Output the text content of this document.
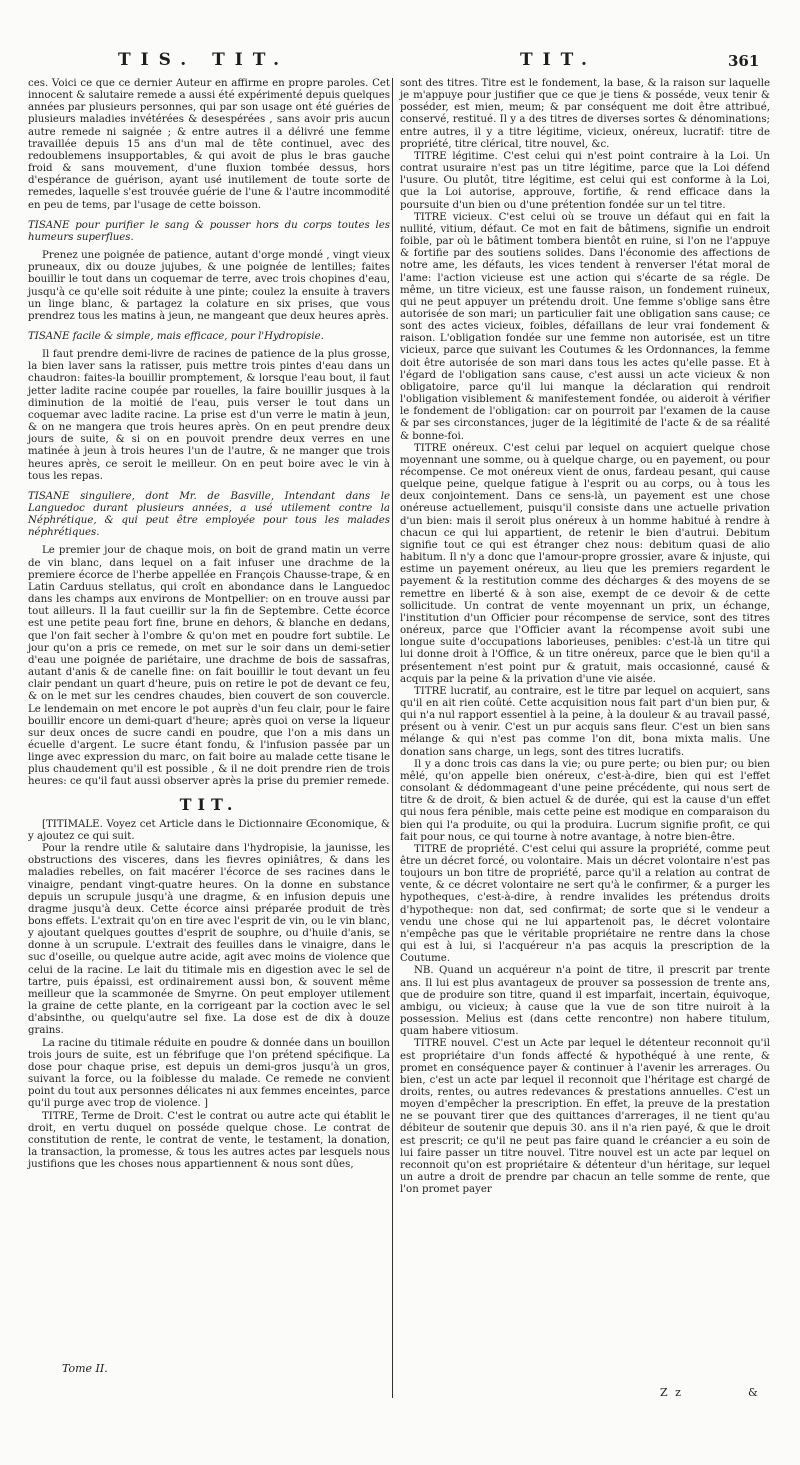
TIS. TIT.	TIT.	361

ces. Voici ce que ce dernier Auteur en affirme en propre paroles. Cet innocent & salutaire remede a aussi été expérimenté depuis quelques années par plusieurs personnes, qui par son usage ont été guéries de plusieurs maladies invétérées & desespérées , sans avoir pris aucun autre remede ni saignée ; & entre autres il a délivré une femme travaillée depuis 15 ans d'un mal de tête continuel, avec des redoublemens insupportables, & qui avoit de plus le bras gauche froid & sans mouvement, d'une fluxion tombée dessus, hors d'espérance de guérison, ayant usé inutilement de toute sorte de remedes, laquelle s'est trouvée guérie de l'une & l'autre incommodité en peu de tems, par l'usage de cette boisson.

TISANE pour purifier le sang & pousser hors du corps toutes les humeurs superflues.

Prenez une poignée de patience, autant d'orge mondé , vingt vieux pruneaux, dix ou douze jujubes, & une poignée de lentilles; faites bouillir le tout dans un coquemar de terre, avec trois chopines d'eau, jusqu'à ce qu'elle soit réduite à une pinte; coulez la ensuite à travers un linge blanc, & partagez la colature en six prises, que vous prendrez tous les matins à jeun, ne mangeant que deux heures après.

TISANE facile & simple, mais efficace, pour l'Hydropisie.

Il faut prendre demi-livre de racines de patience de la plus grosse, la bien laver sans la ratisser, puis mettre trois pintes d'eau dans un chaudron: faites-la bouillir promptement, & lorsque l'eau bout, il faut jetter ladite racine coupée par rouelles, la faire bouillir jusques à la diminution de la moitié de l'eau, puis verser le tout dans un coquemar avec ladite racine. La prise est d'un verre le matin à jeun, & on ne mangera que trois heures après. On en peut prendre deux jours de suite, & si on en pouvoit prendre deux verres en une matinée à jeun à trois heures l'un de l'autre, & ne manger que trois heures après, ce seroit le meilleur. On en peut boire avec le vin à tous les repas.

TISANE singuliere, dont Mr. de Basville, Intendant dans le Languedoc durant plusieurs années, a usé utilement contre la Néphrétique, & qui peut être employée pour tous les malades néphrétiques.

Le premier jour de chaque mois, on boit de grand matin un verre de vin blanc, dans lequel on a fait infuser une drachme de la premiere écorce de l'herbe appellée en François Chausse-trape, & en Latin Carduus stellatus, qui croît en abondance dans le Languedoc dans les champs aux environs de Montpellier: on en trouve aussi par tout ailleurs. Il la faut cueillir sur la fin de Septembre. Cette écorce est une petite peau fort fine, brune en dehors, & blanche en dedans, que l'on fait secher à l'ombre & qu'on met en poudre fort subtile. Le jour qu'on a pris ce remede, on met sur le soir dans un demi-setier d'eau une poignée de pariétaire, une drachme de bois de sassafras, autant d'anis & de canelle fine: on fait bouillir le tout devant un feu clair pendant un quart d'heure, puis on retire le pot de devant ce feu, & on le met sur les cendres chaudes, bien couvert de son couvercle. Le lendemain on met encore le pot auprès d'un feu clair, pour le faire bouillir encore un demi-quart d'heure; après quoi on verse la liqueur sur deux onces de sucre candi en poudre, que l'on a mis dans un écuelle d'argent. Le sucre étant fondu, & l'infusion passée par un linge avec expression du marc, on fait boire au malade cette tisane le plus chaudement qu'il est possible , & il ne doit prendre rien de trois heures: ce qu'il faut aussi observer après la prise du premier remede.

TIT.

[TITIMALE. Voyez cet Article dans le Dictionnaire Œconomique, & y ajoutez ce qui suit.

Pour la rendre utile & salutaire dans l'hydropisie, la jaunisse, les obstructions des visceres, dans les fievres opiniâtres, & dans les maladies rebelles, on fait macérer l'écorce de ses racines dans le vinaigre, pendant vingt-quatre heures. On la donne en substance depuis un scrupule jusqu'à une dragme, & en infusion depuis une dragme jusqu'à deux. Cette écorce ainsi préparée produit de très bons effets. L'extrait qu'on en tire avec l'esprit de vin, ou le vin blanc, y ajoutant quelques gouttes d'esprit de souphre, ou d'huile d'anis, se donne à un scrupule. L'extrait des feuilles dans le vinaigre, dans le suc d'oseille, ou quelque autre acide, agit avec moins de violence que celui de la racine. Le lait du titimale mis en digestion avec le sel de tartre, puis épaissi, est ordinairement aussi bon, & souvent même meilleur que la scammonée de Smyrne. On peut employer utilement la graine de cette plante, en la corrigeant par la coction avec le sel d'absinthe, ou quelqu'autre sel fixe. La dose est de dix à douze grains.

La racine du titimale réduite en poudre & donnée dans un bouillon trois jours de suite, est un fébrifuge que l'on prétend spécifique. La dose pour chaque prise, est depuis un demi-gros jusqu'à un gros, suivant la force, ou la foiblesse du malade. Ce remede ne convient point du tout aux personnes délicates ni aux femmes enceintes, parce qu'il purge avec trop de violence. ]

TITRE, Terme de Droit. C'est le contrat ou autre acte qui établit le droit, en vertu duquel on posséde quelque chose. Le contrat de constitution de rente, le contrat de vente, le testament, la donation, la transaction, la promesse, & tous les autres actes par lesquels nous justifions que les choses nous appartiennent & nous sont dûes,

sont des titres. Titre est le fondement, la base, & la raison sur laquelle je m'appuye pour justifier que ce que je tiens & posséde, veux tenir & posséder, est mien, meum; & par conséquent me doit être attribué, conservé, restitué. Il y a des titres de diverses sortes & dénominations; entre autres, il y a titre légitime, vicieux, onéreux, lucratif: titre de propriété, titre clérical, titre nouvel, &c.

TITRE légitime. C'est celui qui n'est point contraire à la Loi. Un contrat usuraire n'est pas un titre légitime, parce que la Loi défend l'usure. Ou plutôt, titre légitime, est celui qui est conforme à la Loi, que la Loi autorise, approuve, fortifie, & rend efficace dans la poursuite d'un bien ou d'une prétention fondée sur un tel titre.

TITRE vicieux. C'est celui où se trouve un défaut qui en fait la nullité, vitium, défaut. Ce mot en fait de bâtimens, signifie un endroit foible, par où le bâtiment tombera bientôt en ruine, si l'on ne l'appuye & fortifie par des soutiens solides. Dans l'économie des affections de notre ame, les défauts, les vices tendent à renverser l'état moral de l'ame: l'action vicieuse est une action qui s'écarte de sa régle. De même, un titre vicieux, est une fausse raison, un fondement ruineux, qui ne peut appuyer un prétendu droit. Une femme s'oblige sans être autorisée de son mari; un particulier fait une obligation sans cause; ce sont des actes vicieux, foibles, défaillans de leur vrai fondement & raison. L'obligation fondée sur une femme non autorisée, est un titre vicieux, parce que suivant les Coutumes & les Ordonnances, la femme doit être autorisée de son mari dans tous les actes qu'elle passe. Et à l'égard de l'obligation sans cause, c'est aussi un acte vicieux & non obligatoire, parce qu'il lui manque la déclaration qui rendroit l'obligation visiblement & manifestement fondée, ou aideroit à vérifier le fondement de l'obligation: car on pourroit par l'examen de la cause & par ses circonstances, juger de la légitimité de l'acte & de sa réalité & bonne-foi.

TITRE onéreux. C'est celui par lequel on acquiert quelque chose moyennant une somme, ou à quelque charge, ou en payement, ou pour récompense. Ce mot onéreux vient de onus, fardeau pesant, qui cause quelque peine, quelque fatigue à l'esprit ou au corps, ou à tous les deux conjointement. Dans ce sens-là, un payement est une chose onéreuse actuellement, puisqu'il consiste dans une actuelle privation d'un bien: mais il seroit plus onéreux à un homme habitué à rendre à chacun ce qui lui appartient, de retenir le bien d'autrui. Debitum signifie tout ce qui est étranger chez nous: debitum quasi de alio habitum. Il n'y a donc que l'amour-propre grossier, avare & injuste, qui estime un payement onéreux, au lieu que les premiers regardent le payement & la restitution comme des décharges & des moyens de se remettre en liberté & à son aise, exempt de ce devoir & de cette sollicitude. Un contrat de vente moyennant un prix, un échange, l'institution d'un Officier pour récompense de service, sont des titres onéreux, parce que l'Officier avant la récompense avoit subi une longue suite d'occupations laborieuses, penibles: c'est-là un titre qui lui donne droit à l'Office, & un titre onéreux, parce que le bien qu'il a présentement n'est point pur & gratuit, mais occasionné, causé & acquis par la peine & la privation d'une vie aisée.

TITRE lucratif, au contraire, est le titre par lequel on acquiert, sans qu'il en ait rien coûté. Cette acquisition nous fait part d'un bien pur, & qui n'a nul rapport essentiel à la peine, à la douleur & au travail passé, présent ou à venir. C'est un pur acquis sans fleur. C'est un bien sans mélange & qui n'est pas comme l'on dit, bona mixta malis. Une donation sans charge, un legs, sont des titres lucratifs.

Il y a donc trois cas dans la vie; ou pure perte; ou bien pur; ou bien mêlé, qu'on appelle bien onéreux, c'est-à-dire, bien qui est l'effet consolant & dédommageant d'une peine précédente, qui nous sert de titre & de droit, & bien actuel & de durée, qui est la cause d'un effet qui nous fera pénible, mais cette peine est modique en comparaison du bien qui l'a produite, ou qui la produira. Lucrum signifie profit, ce qui fait pour nous, ce qui tourne à notre avantage, à notre bien-être.

TITRE de propriété. C'est celui qui assure la propriété, comme peut être un décret forcé, ou volontaire. Mais un décret volontaire n'est pas toujours un bon titre de propriété, parce qu'il a relation au contrat de vente, & ce décret volontaire ne sert qu'à le confirmer, & a purger les hypotheques, c'est-à-dire, à rendre invalides les prétendus droits d'hypotheque: non dat, sed confirmat; de sorte que si le vendeur a vendu une chose qui ne lui appartenoit pas, le décret volontaire n'empêche pas que le véritable propriétaire ne rentre dans la chose qui est à lui, si l'acquéreur n'a pas acquis la prescription de la Coutume.

NB. Quand un acquéreur n'a point de titre, il prescrit par trente ans. Il lui est plus avantageux de prouver sa possession de trente ans, que de produire son titre, quand il est imparfait, incertain, équivoque, ambigu, ou vicieux; à cause que la vue de son titre nuiroit à la possession. Melius est (dans cette rencontre) non habere titulum, quam habere vitiosum.

TITRE nouvel. C'est un Acte par lequel le détenteur reconnoit qu'il est propriétaire d'un fonds affecté & hypothéqué à une rente, & promet en conséquence payer & continuer à l'avenir les arrerages. Ou bien, c'est un acte par lequel il reconnoit que l'héritage est chargé de droits, rentes, ou autres redevances & prestations annuelles. C'est un moyen d'empêcher la prescription. En effet, la preuve de la prestation ne se pouvant tirer que des quittances d'arrerages, il ne tient qu'au débiteur de soutenir que depuis 30. ans il n'a rien payé, & que le droit est prescrit; ce qu'il ne peut pas faire quand le créancier a eu soin de lui faire passer un titre nouvel. Titre nouvel est un acte par lequel on reconnoit qu'on est propriétaire & détenteur d'un héritage, sur lequel un autre a droit de prendre par chacun an telle somme de rente, que l'on promet payer

Tome II.
Z z	&
